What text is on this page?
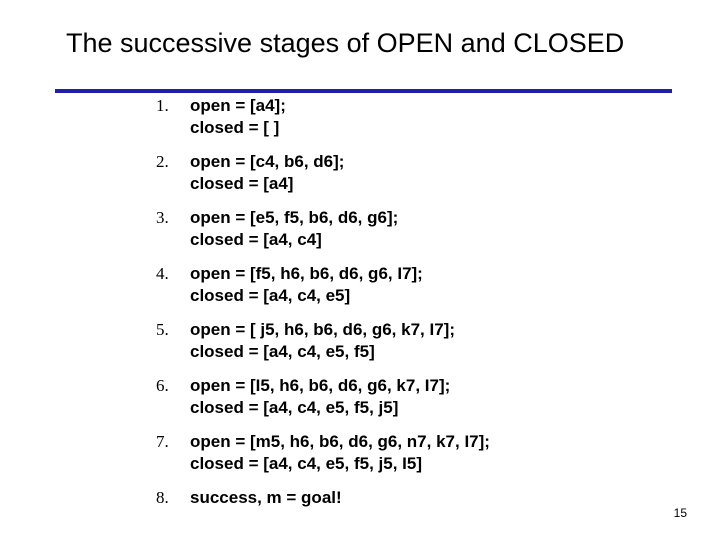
The successive stages of OPEN and CLOSED
1. open = [a4];
closed = [ ]
2. open = [c4, b6, d6];
closed = [a4]
3. open = [e5, f5, b6, d6, g6];
closed = [a4, c4]
4. open = [f5, h6, b6, d6, g6, I7];
closed = [a4, c4, e5]
5. open = [ j5, h6, b6, d6, g6, k7, I7];
closed = [a4, c4, e5, f5]
6. open = [I5, h6, b6, d6, g6, k7, I7];
closed = [a4, c4, e5, f5, j5]
7. open = [m5, h6, b6, d6, g6, n7, k7, I7];
closed = [a4, c4, e5, f5, j5, I5]
8. success, m = goal!
15
